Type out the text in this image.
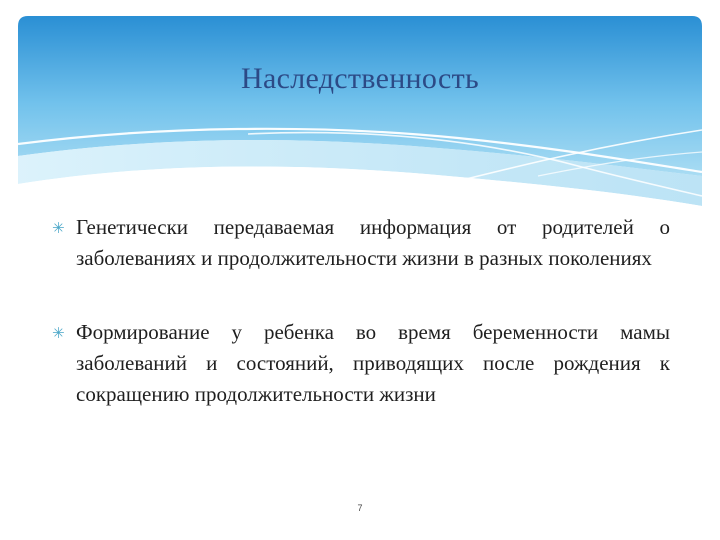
Наследственность
✳ Генетически передаваемая информация от родителей о заболеваниях и продолжительности жизни в разных поколениях
✳ Формирование у ребенка во время беременности мамы заболеваний и состояний, приводящих после рождения к сокращению продолжительности жизни
7
